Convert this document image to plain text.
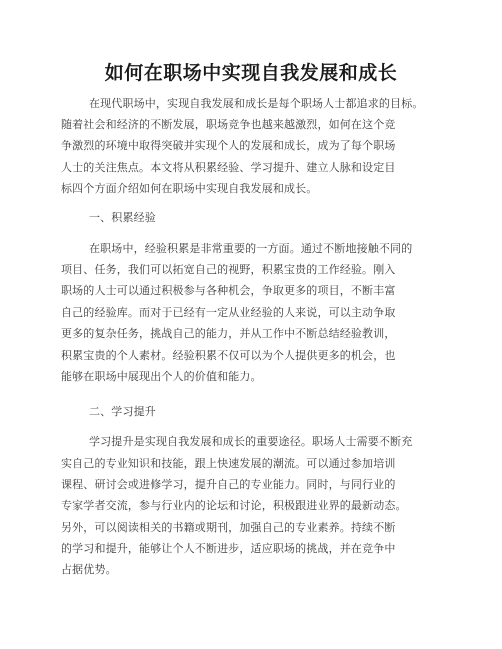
如何在职场中实现自我发展和成长
在现代职场中，实现自我发展和成长是每个职场人士都追求的目标。
随着社会和经济的不断发展，职场竞争也越来越激烈，如何在这个竞
争激烈的环境中取得突破并实现个人的发展和成长，成为了每个职场
人士的关注焦点。本文将从积累经验、学习提升、建立人脉和设定目
标四个方面介绍如何在职场中实现自我发展和成长。
一、积累经验
在职场中，经验积累是非常重要的一方面。通过不断地接触不同的
项目、任务，我们可以拓宽自己的视野，积累宝贵的工作经验。刚入
职场的人士可以通过积极参与各种机会，争取更多的项目，不断丰富
自己的经验库。而对于已经有一定从业经验的人来说，可以主动争取
更多的复杂任务，挑战自己的能力，并从工作中不断总结经验教训，
积累宝贵的个人素材。经验积累不仅可以为个人提供更多的机会，也
能够在职场中展现出个人的价值和能力。
二、学习提升
学习提升是实现自我发展和成长的重要途径。职场人士需要不断充
实自己的专业知识和技能，跟上快速发展的潮流。可以通过参加培训
课程、研讨会或进修学习，提升自己的专业能力。同时，与同行业的
专家学者交流，参与行业内的论坛和讨论，积极跟进业界的最新动态。
另外，可以阅读相关的书籍或期刊，加强自己的专业素养。持续不断
的学习和提升，能够让个人不断进步，适应职场的挑战，并在竞争中
占据优势。
